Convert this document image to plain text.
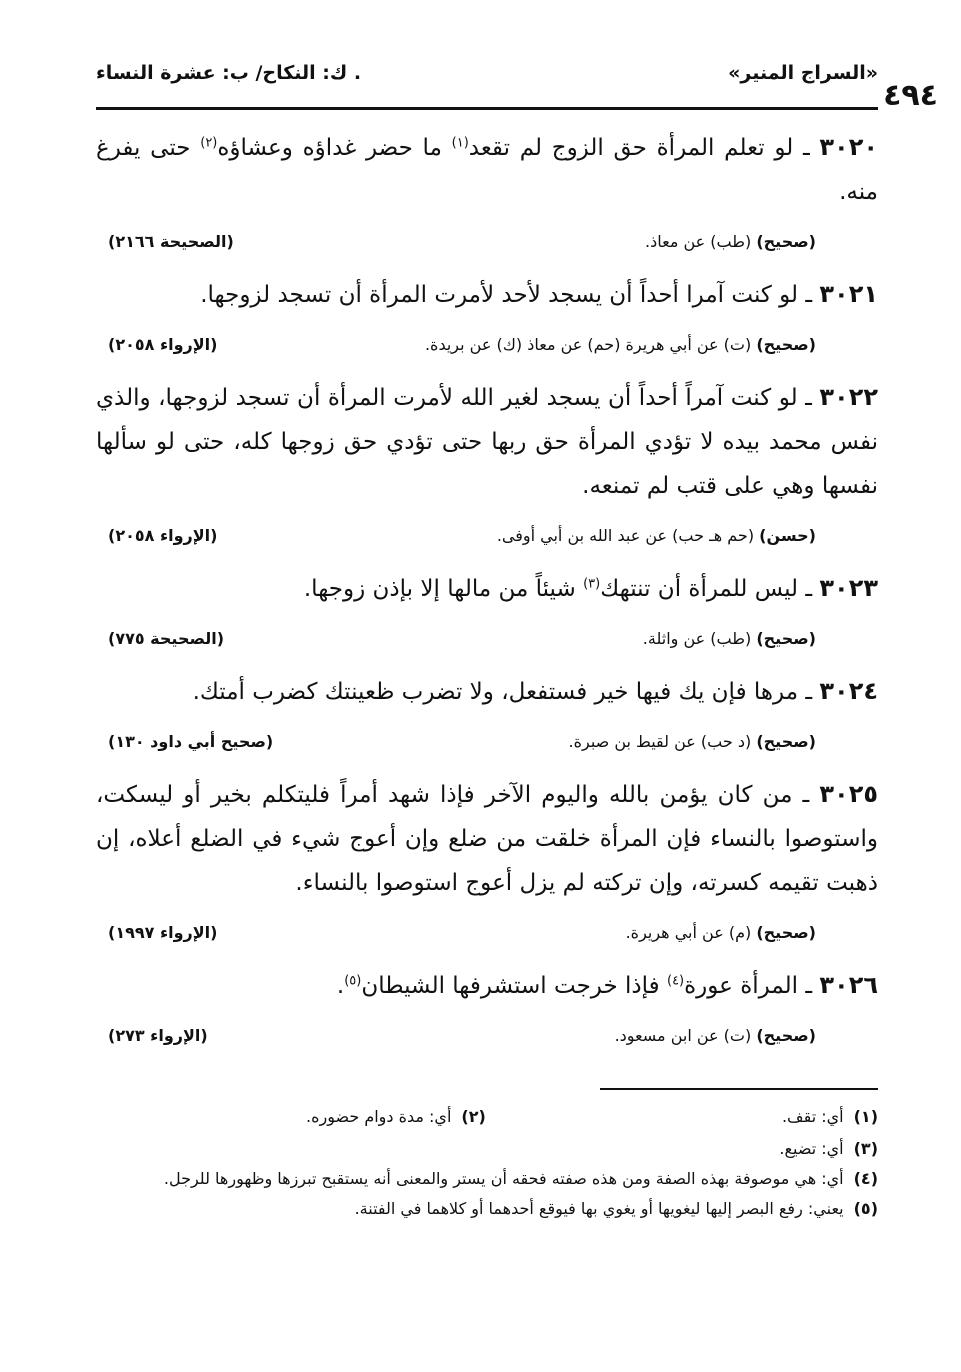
«السراج المنير»
. ك: النكاح/ ب: عشرة النساء
٤٩٤

٣٠٢٠ ـ لو تعلم المرأة حق الزوج لم تقعد$^{(١)}$ ما حضر غداؤه وعشاؤه$^{(٢)}$ حتى يفرغ منه.

(صحيح) (طب) عن معاذ.
(الصحيحة ٢١٦٦)

٣٠٢١ ـ لو كنت آمرا أحداً أن يسجد لأحد لأمرت المرأة أن تسجد لزوجها.

(صحيح) (ت) عن أبي هريرة (حم) عن معاذ (ك) عن بريدة.
(الإرواء ٢٠٥٨)

٣٠٢٢ ـ لو كنت آمراً أحداً أن يسجد لغير الله لأمرت المرأة أن تسجد لزوجها، والذي نفس محمد بيده لا تؤدي المرأة حق ربها حتى تؤدي حق زوجها كله، حتى لو سألها نفسها وهي على قتب لم تمنعه.

(حسن) (حم هـ حب) عن عبد الله بن أبي أوفى.
(الإرواء ٢٠٥٨)

٣٠٢٣ ـ ليس للمرأة أن تنتهك$^{(٣)}$ شيئاً من مالها إلا بإذن زوجها.

(صحيح) (طب) عن واثلة.
(الصحيحة ٧٧٥)

٣٠٢٤ ـ مرها فإن يك فيها خير فستفعل، ولا تضرب ظعينتك كضرب أمتك.

(صحيح) (د حب) عن لقيط بن صبرة.
(صحيح أبي داود ١٣٠)

٣٠٢٥ ـ من كان يؤمن بالله واليوم الآخر فإذا شهد أمراً فليتكلم بخير أو ليسكت، واستوصوا بالنساء فإن المرأة خلقت من ضلع وإن أعوج شيء في الضلع أعلاه، إن ذهبت تقيمه كسرته، وإن تركته لم يزل أعوج استوصوا بالنساء.

(صحيح) (م) عن أبي هريرة.
(الإرواء ١٩٩٧)

٣٠٢٦ ـ المرأة عورة$^{(٤)}$ فإذا خرجت استشرفها الشيطان$^{(٥)}$.

(صحيح) (ت) عن ابن مسعود.
(الإرواء ٢٧٣)
(١)أي: تقف.
(٢)أي: مدة دوام حضوره.
(٣)أي: تضيع.
(٤)أي: هي موصوفة بهذه الصفة ومن هذه صفته فحقه أن يستر والمعنى أنه يستقبح تبرزها وظهورها للرجل.
(٥)يعني: رفع البصر إليها ليغويها أو يغوي بها فيوقع أحدهما أو كلاهما في الفتنة.
